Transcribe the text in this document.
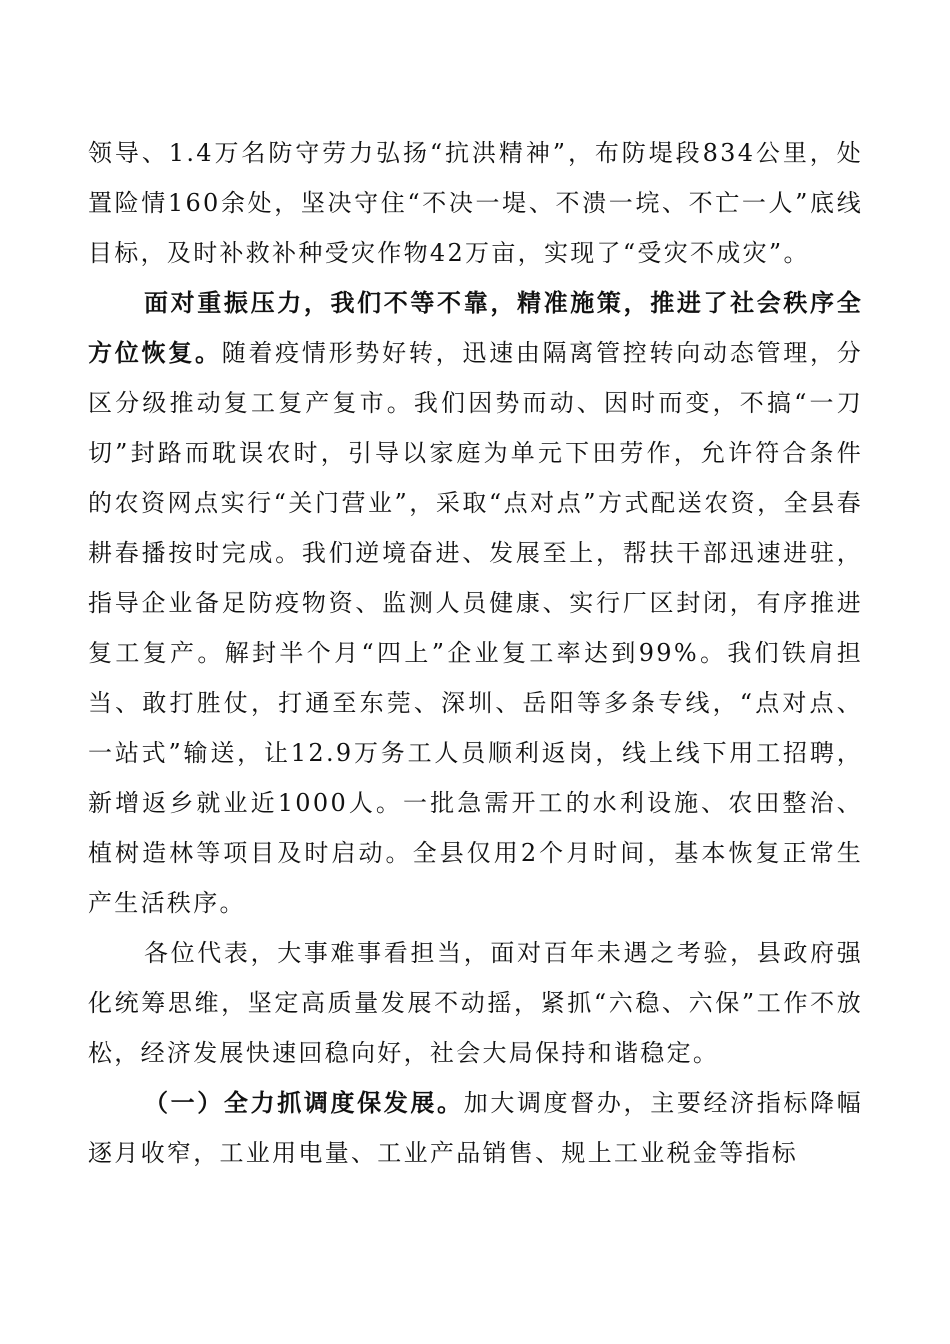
领导、1.4万名防守劳力弘扬“抗洪精神”，布防堤段834公里，处置险情160余处，坚决守住“不决一堤、不溃一垸、不亡一人”底线目标，及时补救补种受灾作物42万亩，实现了“受灾不成灾”。

面对重振压力，我们不等不靠，精准施策，推进了社会秩序全方位恢复。随着疫情形势好转，迅速由隔离管控转向动态管理，分区分级推动复工复产复市。我们因势而动、因时而变，不搞“一刀切”封路而耽误农时，引导以家庭为单元下田劳作，允许符合条件的农资网点实行“关门营业”，采取“点对点”方式配送农资，全县春耕春播按时完成。我们逆境奋进、发展至上，帮扶干部迅速进驻，指导企业备足防疫物资、监测人员健康、实行厂区封闭，有序推进复工复产。解封半个月“四上”企业复工率达到99%。我们铁肩担当、敢打胜仗，打通至东莞、深圳、岳阳等多条专线，“点对点、一站式”输送，让12.9万务工人员顺利返岗，线上线下用工招聘，新增返乡就业近1000人。一批急需开工的水利设施、农田整治、植树造林等项目及时启动。全县仅用2个月时间，基本恢复正常生产生活秩序。

各位代表，大事难事看担当，面对百年未遇之考验，县政府强化统筹思维，坚定高质量发展不动摇，紧抓“六稳、六保”工作不放松，经济发展快速回稳向好，社会大局保持和谐稳定。

（一）全力抓调度保发展。加大调度督办，主要经济指标降幅逐月收窄，工业用电量、工业产品销售、规上工业税金等指标
